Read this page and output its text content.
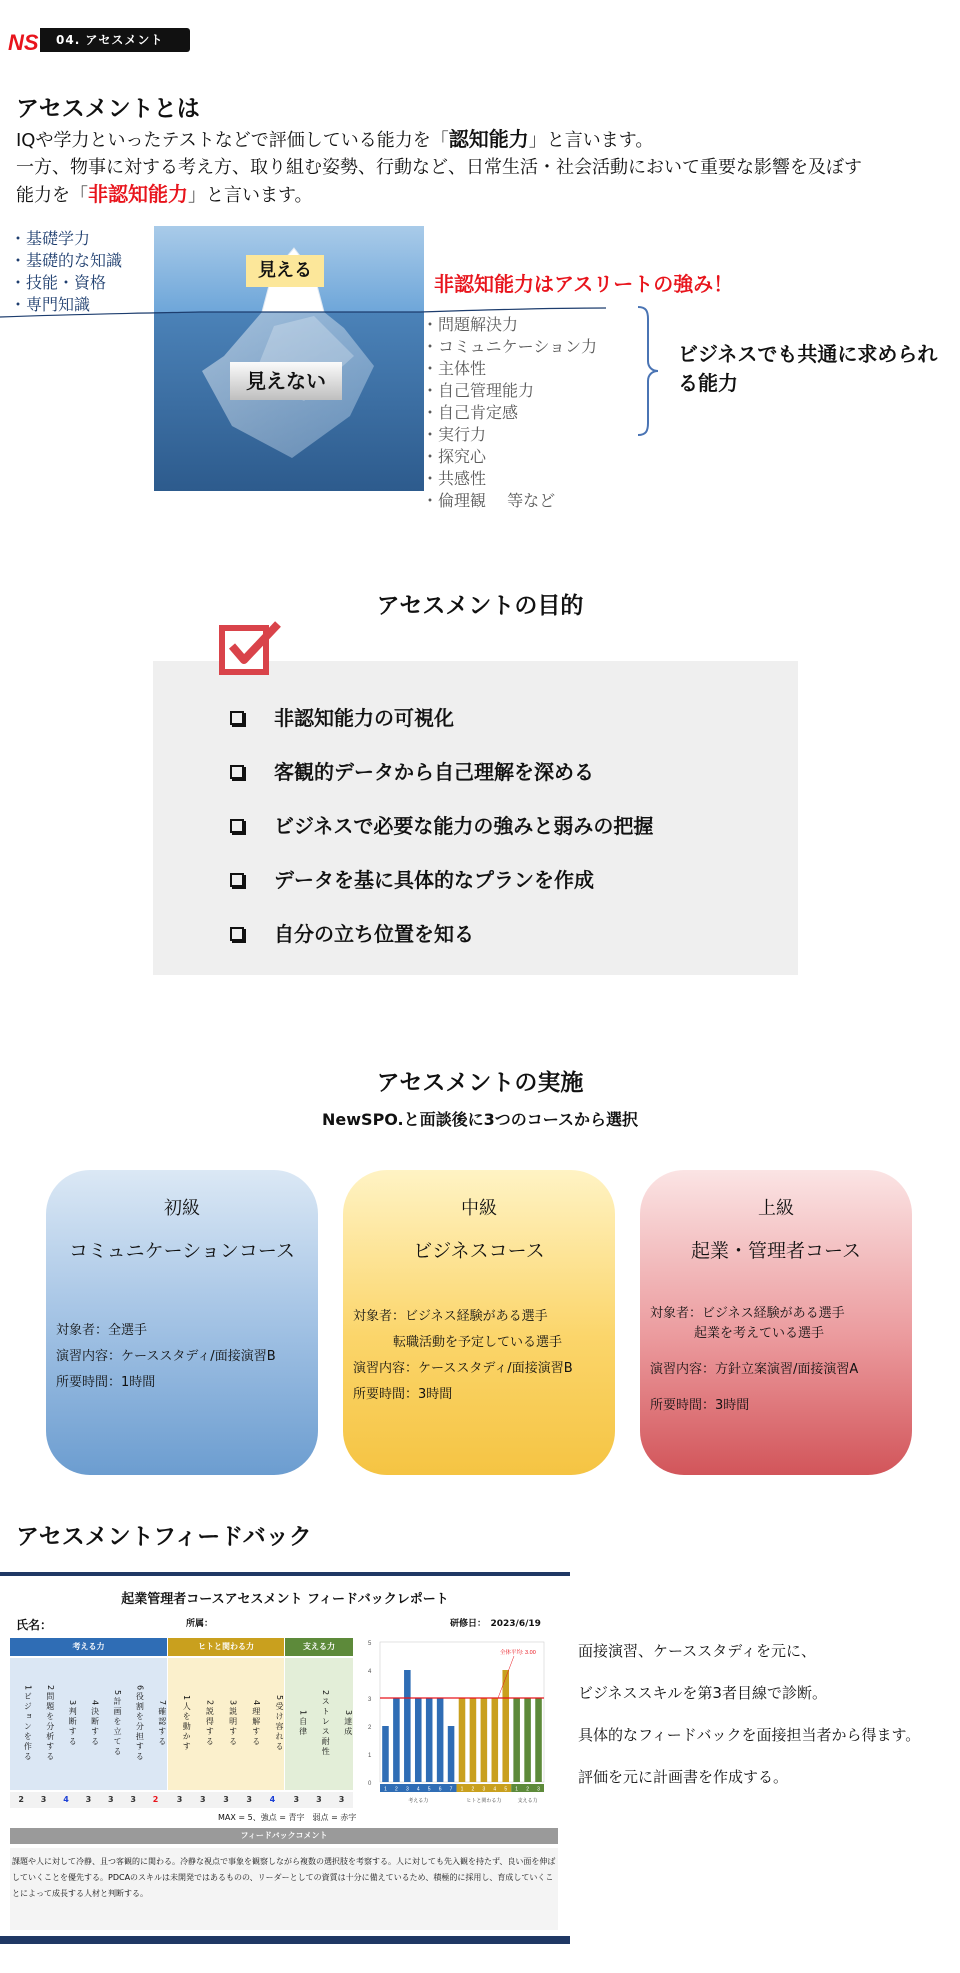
NS	04. アセスメント
アセスメントとは
IQや学力といったテストなどで評価している能力を「認知能力」と言います。
一方、物事に対する考え方、取り組む姿勢、行動など、日常生活・社会活動において重要な影響を及ぼす
能力を「非認知能力」と言います。
見える
見えない
・基礎学力
・基礎的な知識
・技能・資格
・専門知識
非認知能力はアスリートの強み！
・問題解決力
・コミュニケーション力
・主体性
・自己管理能力
・自己肯定感
・実行力
・探究心
・共感性
・倫理観　 等など
ビジネスでも共通に求められる能力
アセスメントの目的
非認知能力の可視化
客観的データから自己理解を深める
ビジネスで必要な能力の強みと弱みの把握
データを基に具体的なプランを作成
自分の立ち位置を知る
アセスメントの実施
NewSPO.と面談後に3つのコースから選択
初級
コミュニケーションコース
対象者：全選手
演習内容：ケーススタディ/面接演習B
所要時間：1時間
中級
ビジネスコース
対象者：ビジネス経験がある選手
転職活動を予定している選手
演習内容：ケーススタディ/面接演習B
所要時間：3時間
上級
起業・管理者コース
対象者：ビジネス経験がある選手
起業を考えている選手
演習内容：方針立案演習/面接演習A
所要時間：3時間
アセスメントフィードバック
起業管理者コースアセスメント フィードバックレポート
氏名：	所属：	研修日：　2023/6/19
考える力	ヒトと関わる力	支える力
1ビジョンを作る	2問題を分析する	3判断する	4決断する	5計画を立てる	6役割を分担する	7確認する	1人を動かす	2説得する	3説明する	4理解する	5受け容れる	1自律	2ストレス耐性	3達成
2	3	4	3	3	3	2	3	3	3	3	4	3	3	3
MAX = 5、強点 = 青字　弱点 = 赤字
0
1
2
3
4
5
全体平均: 3.00
考える力	ヒトと関わる力	支える力
1 2 3 4 5 6 7 1 2 3 4 5 1 2 3
フィードバックコメント
課題や人に対して冷静、且つ客観的に関わる。冷静な視点で事象を観察しながら複数の選択肢を考察する。人に対しても先入観を持たず、良い面を伸ばしていくことを優先する。PDCAのスキルは未開発ではあるものの、リーダーとしての資質は十分に備えているため、積極的に採用し、育成していくことによって成長する人材と判断する。
面接演習、ケーススタディを元に、
ビジネススキルを第3者目線で診断。
具体的なフィードバックを面接担当者から得ます。
評価を元に計画書を作成する。
